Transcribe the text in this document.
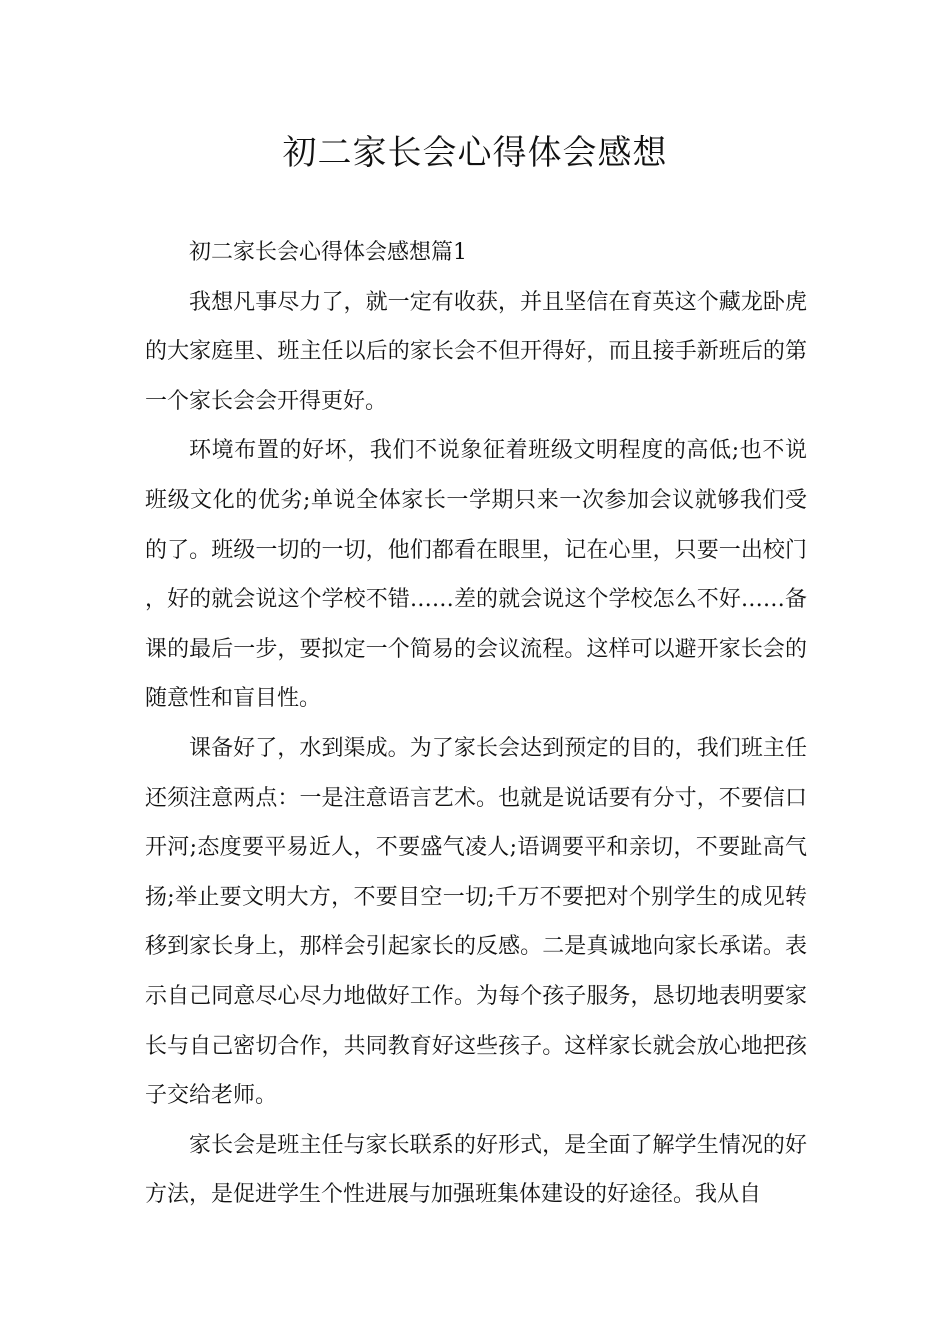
初二家长会心得体会感想

初二家长会心得体会感想篇1

我想凡事尽力了，就一定有收获，并且坚信在育英这个藏龙卧虎的大家庭里、班主任以后的家长会不但开得好，而且接手新班后的第一个家长会会开得更好。

环境布置的好坏，我们不说象征着班级文明程度的高低;也不说班级文化的优劣;单说全体家长一学期只来一次参加会议就够我们受的了。班级一切的一切，他们都看在眼里，记在心里，只要一出校门，好的就会说这个学校不错……差的就会说这个学校怎么不好……备课的最后一步，要拟定一个简易的会议流程。这样可以避开家长会的随意性和盲目性。

课备好了，水到渠成。为了家长会达到预定的目的，我们班主任还须注意两点：一是注意语言艺术。也就是说话要有分寸，不要信口开河;态度要平易近人，不要盛气凌人;语调要平和亲切，不要趾高气扬;举止要文明大方，不要目空一切;千万不要把对个别学生的成见转移到家长身上，那样会引起家长的反感。二是真诚地向家长承诺。表示自己同意尽心尽力地做好工作。为每个孩子服务，恳切地表明要家长与自己密切合作，共同教育好这些孩子。这样家长就会放心地把孩子交给老师。

家长会是班主任与家长联系的好形式，是全面了解学生情况的好方法，是促进学生个性进展与加强班集体建设的好途径。我从自
